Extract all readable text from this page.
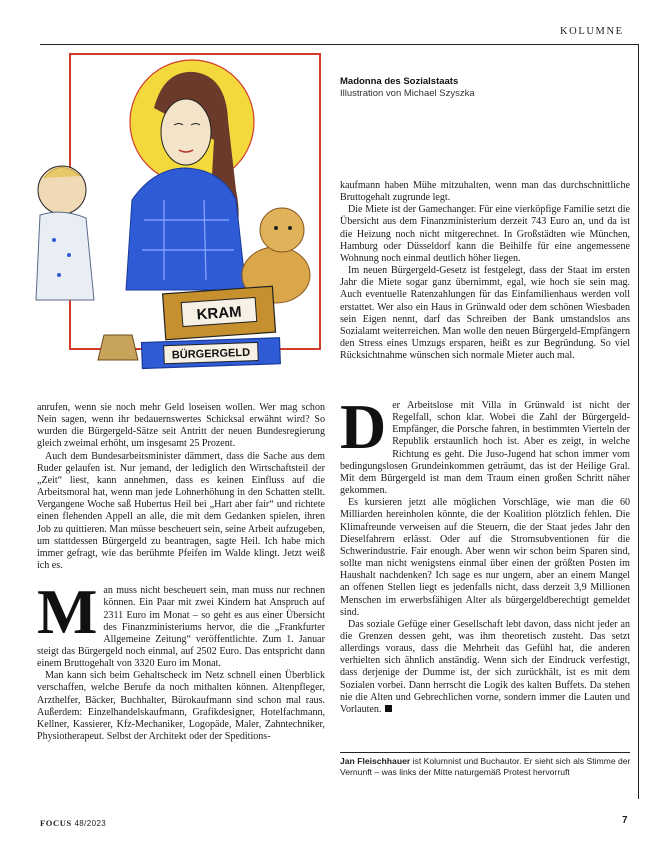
KOLUMNE
KRAM
BÜRGERGELD
Madonna des Sozialstaats
Illustration von Michael Szyszka

kaufmann haben Mühe mitzuhalten, wenn man das durchschnittliche Bruttogehalt zugrunde legt.

Die Miete ist der Gamechanger. Für eine vierköpfige Familie setzt die Übersicht aus dem Finanzministerium derzeit 743 Euro an, und da ist die Heizung noch nicht mitgerechnet. In Großstädten wie München, Hamburg oder Düsseldorf kann die Beihilfe für eine angemessene Wohnung noch einmal deutlich höher liegen.

Im neuen Bürgergeld-Gesetz ist festgelegt, dass der Staat im ersten Jahr die Miete sogar ganz übernimmt, egal, wie hoch sie sein mag. Auch eventuelle Ratenzahlungen für das Einfamilienhaus werden voll erstattet. Wer also ein Haus in Grünwald oder dem schönen Wiesbaden sein Eigen nennt, darf das Schreiben der Bank umstandslos ans Sozialamt weiterreichen. Man wolle den neuen Bürgergeld-Empfängern den Stress eines Umzugs ersparen, heißt es zur Begründung. So viel Rücksichtnahme wünschen sich normale Mieter auch mal.

anrufen, wenn sie noch mehr Geld loseisen wollen. Wer mag schon Nein sagen, wenn ihr bedauernswertes Schicksal erwähnt wird? So wurden die Bürgergeld-Sätze seit Antritt der neuen Bundesregierung gleich zweimal erhöht, um insgesamt 25 Prozent.

Auch dem Bundesarbeitsminister dämmert, dass die Sache aus dem Ruder gelaufen ist. Nur jemand, der lediglich den Wirtschaftsteil der „Zeit“ liest, kann annehmen, dass es keinen Einfluss auf die Arbeitsmoral hat, wenn man jede Lohnerhöhung in den Schatten stellt. Vergangene Woche saß Hubertus Heil bei „Hart aber fair“ und richtete einen flehenden Appell an alle, die mit dem Gedanken spielen, ihren Job zu quittieren. Man müsse bescheuert sein, seine Arbeit aufzugeben, um stattdessen Bürgergeld zu beantragen, sagte Heil. Ich habe mich immer gefragt, wie das berühmte Pfeifen im Walde klingt. Jetzt weiß ich es.

Man muss nicht bescheuert sein, man muss nur rechnen können. Ein Paar mit zwei Kindern hat Anspruch auf 2311 Euro im Monat – so geht es aus einer Übersicht des Finanzministeriums hervor, die die „Frankfurter Allgemeine Zeitung“ veröffentlichte. Zum 1. Januar steigt das Bürgergeld noch einmal, auf 2502 Euro. Das entspricht dann einem Bruttogehalt von 3320 Euro im Monat.

Man kann sich beim Gehaltscheck im Netz schnell einen Überblick verschaffen, welche Berufe da noch mithalten können. Altenpfleger, Arzthelfer, Bäcker, Buchhalter, Bürokaufmann sind schon mal raus. Außerdem: Einzelhandelskaufmann, Grafikdesigner, Hotelfachmann, Kellner, Kassierer, Kfz-Mechaniker, Logopäde, Maler, Zahntechniker, Physiotherapeut. Selbst der Architekt oder der Speditions-

Der Arbeitslose mit Villa in Grünwald ist nicht der Regelfall, schon klar. Wobei die Zahl der Bürgergeld-Empfänger, die Porsche fahren, in bestimmten Vierteln der Republik erstaunlich hoch ist. Aber es zeigt, in welche Richtung es geht. Die Juso-Jugend hat schon immer vom bedingungslosen Grundeinkommen geträumt, das ist der Heilige Gral. Mit dem Bürgergeld ist man dem Traum einen großen Schritt näher gekommen.

Es kursieren jetzt alle möglichen Vorschläge, wie man die 60 Milliarden hereinholen könnte, die der Koalition plötzlich fehlen. Die Klimafreunde verweisen auf die Steuern, die der Staat jedes Jahr den Dieselfahrern erlässt. Oder auf die Stromsubventionen für die Schwerindustrie. Fair enough. Aber wenn wir schon beim Sparen sind, sollte man nicht wenigstens einmal über einen der größten Posten im Haushalt nachdenken? Ich sage es nur ungern, aber an einem Mangel an offenen Stellen liegt es jedenfalls nicht, dass derzeit 3,9 Millionen Menschen im erwerbsfähigen Alter als bürgergeldberechtigt gemeldet sind.

Das soziale Gefüge einer Gesellschaft lebt davon, dass nicht jeder an die Grenzen dessen geht, was ihm theoretisch zusteht. Das setzt allerdings voraus, dass die Mehrheit das Gefühl hat, die anderen verhielten sich ähnlich anständig. Wenn sich der Eindruck verfestigt, dass derjenige der Dumme ist, der sich zurückhält, ist es mit dem Sozialen vorbei. Dann herrscht die Logik des kalten Buffets. Da stehen nie die Alten und Gebrechlichen vorne, sondern immer die Lauten und Vorlauten.

Jan Fleischhauer ist Kolumnist und Buchautor. Er sieht sich als Stimme der Vernunft – was links der Mitte naturgemäß Protest hervorruft
FOCUS 48/2023	7
